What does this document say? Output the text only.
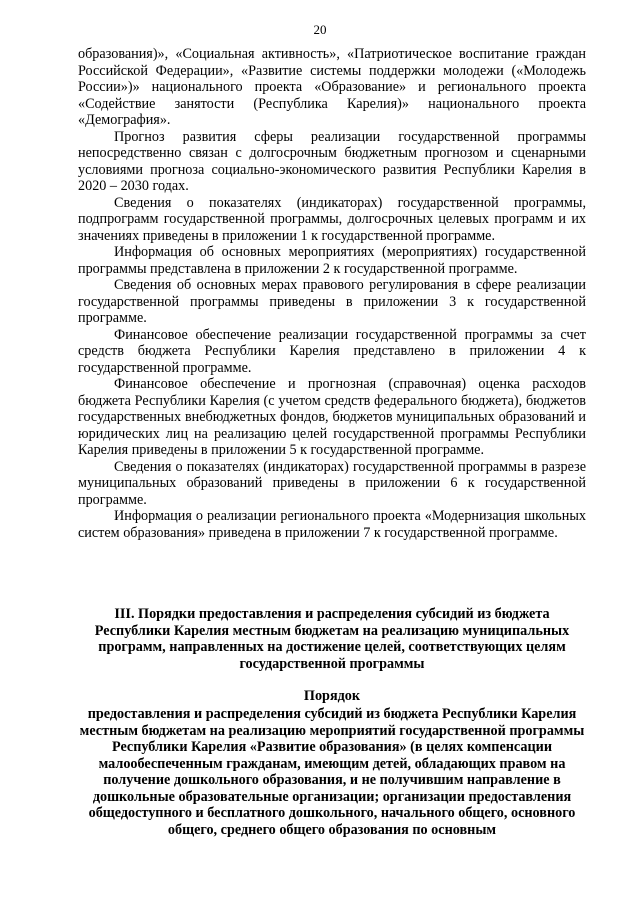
20

образования)», «Социальная активность», «Патриотическое воспитание граждан Российской Федерации», «Развитие системы поддержки молодежи («Молодежь России»)» национального проекта «Образование» и регионального проекта «Содействие занятости (Республика Карелия)» национального проекта «Демография».

Прогноз развития сферы реализации государственной программы непосредственно связан с долгосрочным бюджетным прогнозом и сценарными условиями прогноза социально-экономического развития Республики Карелия в 2020 – 2030 годах.

Сведения о показателях (индикаторах) государственной программы, подпрограмм государственной программы, долгосрочных целевых программ и их значениях приведены в приложении 1 к государственной программе.

Информация об основных мероприятиях (мероприятиях) государственной программы представлена в приложении 2 к государственной программе.

Сведения об основных мерах правового регулирования в сфере реализации государственной программы приведены в приложении 3 к государственной программе.

Финансовое обеспечение реализации государственной программы за счет средств бюджета Республики Карелия представлено в приложении 4 к государственной программе.

Финансовое обеспечение и прогнозная (справочная) оценка расходов бюджета Республики Карелия (с учетом средств федерального бюджета), бюджетов государственных внебюджетных фондов, бюджетов муниципальных образований и юридических лиц на реализацию целей государственной программы Республики Карелия приведены в приложении 5 к государственной программе.

Сведения о показателях (индикаторах) государственной программы в разрезе муниципальных образований приведены в приложении 6 к государственной программе.

Информация о реализации регионального проекта «Модернизация школьных систем образования» приведена в приложении 7 к государственной программе.

III. Порядки предоставления и распределения субсидий из бюджета Республики Карелия местным бюджетам на реализацию муниципальных программ, направленных на достижение целей, соответствующих целям государственной программы
Порядок
предоставления и распределения субсидий из бюджета Республики Карелия местным бюджетам на реализацию мероприятий государственной программы Республики Карелия «Развитие образования» (в целях компенсации малообеспеченным гражданам, имеющим детей, обладающих правом на получение дошкольного образования, и не получившим направление в дошкольные образовательные организации; организации предоставления общедоступного и бесплатного дошкольного, начального общего, основного общего, среднего общего образования по основным
